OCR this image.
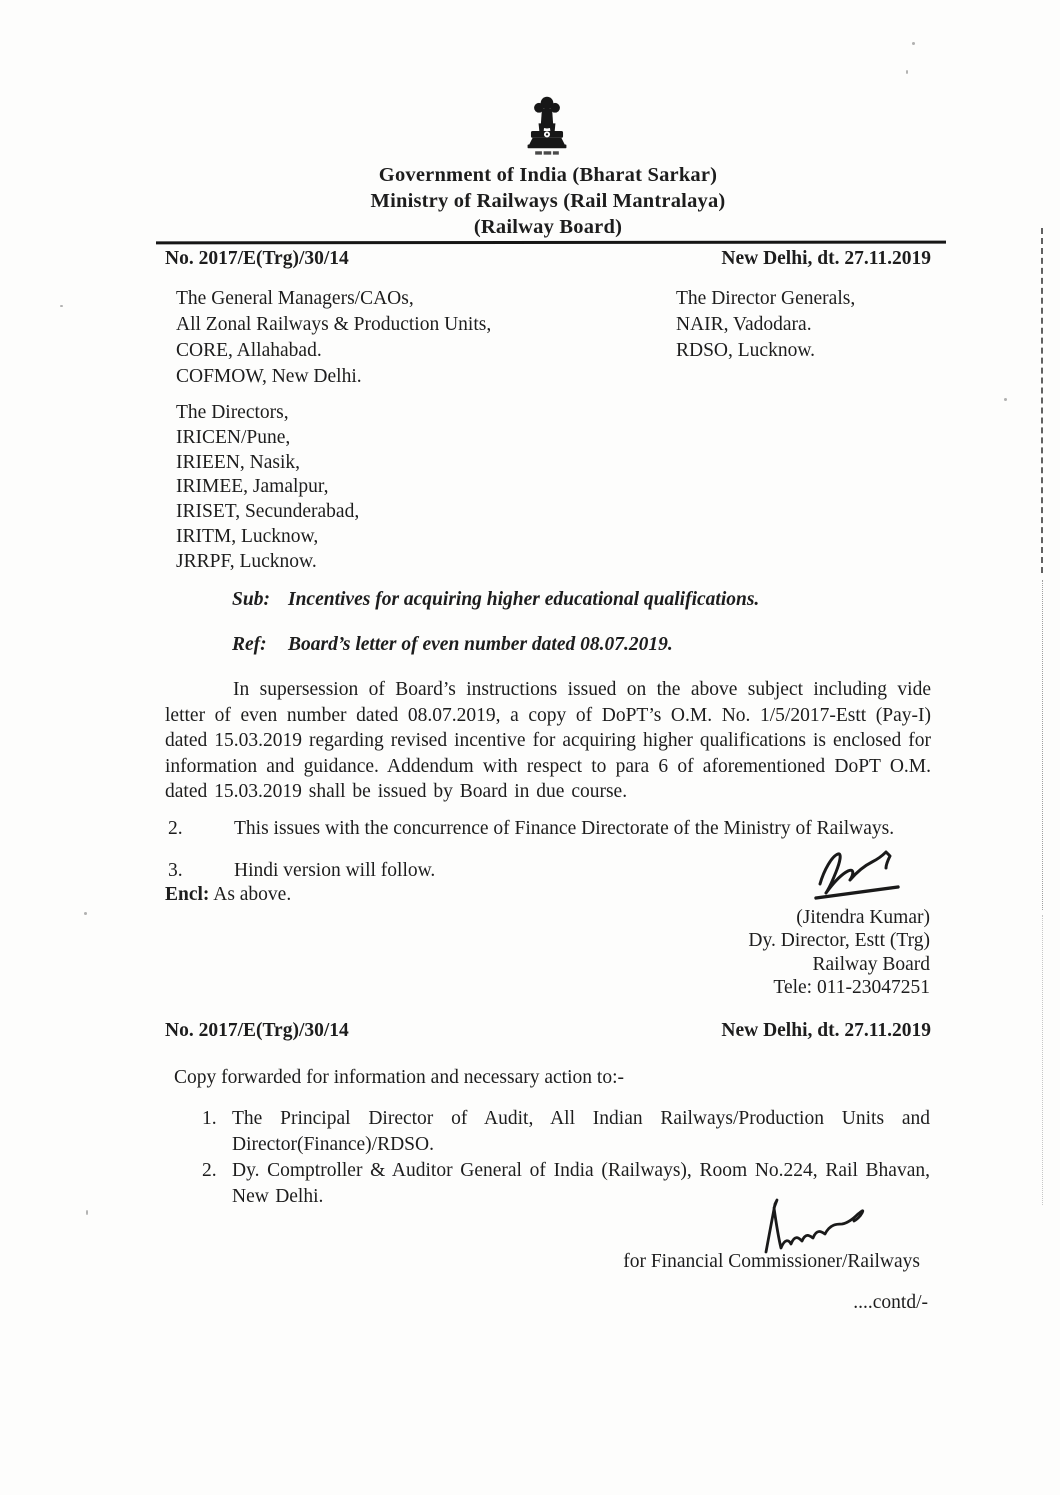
Government of India (Bharat Sarkar)
Ministry of Railways (Rail Mantralaya)
(Railway Board)
No. 2017/E(Trg)/30/14	New Delhi, dt. 27.11.2019
The General Managers/CAOs,
All Zonal Railways & Production Units,
CORE, Allahabad.
COFMOW, New Delhi.
The Director Generals,
NAIR, Vadodara.
RDSO, Lucknow.
The Directors,
IRICEN/Pune,
IRIEEN, Nasik,
IRIMEE, Jamalpur,
IRISET, Secunderabad,
IRITM, Lucknow,
JRRPF, Lucknow.
Sub: Incentives for acquiring higher educational qualifications.
Ref:	Board’s letter of even number dated 08.07.2019.
In supersession of Board’s instructions issued on the above subject including vide letter of even number dated 08.07.2019, a copy of DoPT’s O.M. No. 1/5/2017-Estt (Pay-I) dated 15.03.2019 regarding revised incentive for acquiring higher qualifications is enclosed for information and guidance. Addendum with respect to para 6 of aforementioned DoPT O.M. dated 15.03.2019 shall be issued by Board in due course.
2.	This issues with the concurrence of Finance Directorate of the Ministry of Railways.
3.	Hindi version will follow.
Encl: As above.
(Jitendra Kumar)
Dy. Director, Estt (Trg)
Railway Board
Tele: 011-23047251
No. 2017/E(Trg)/30/14	New Delhi, dt. 27.11.2019
Copy forwarded for information and necessary action to:-
1. The Principal Director of Audit, All Indian Railways/Production Units and Director(Finance)/RDSO.
2. Dy. Comptroller & Auditor General of India (Railways), Room No.224, Rail Bhavan, New Delhi.
for Financial Commissioner/Railways
....contd/-
